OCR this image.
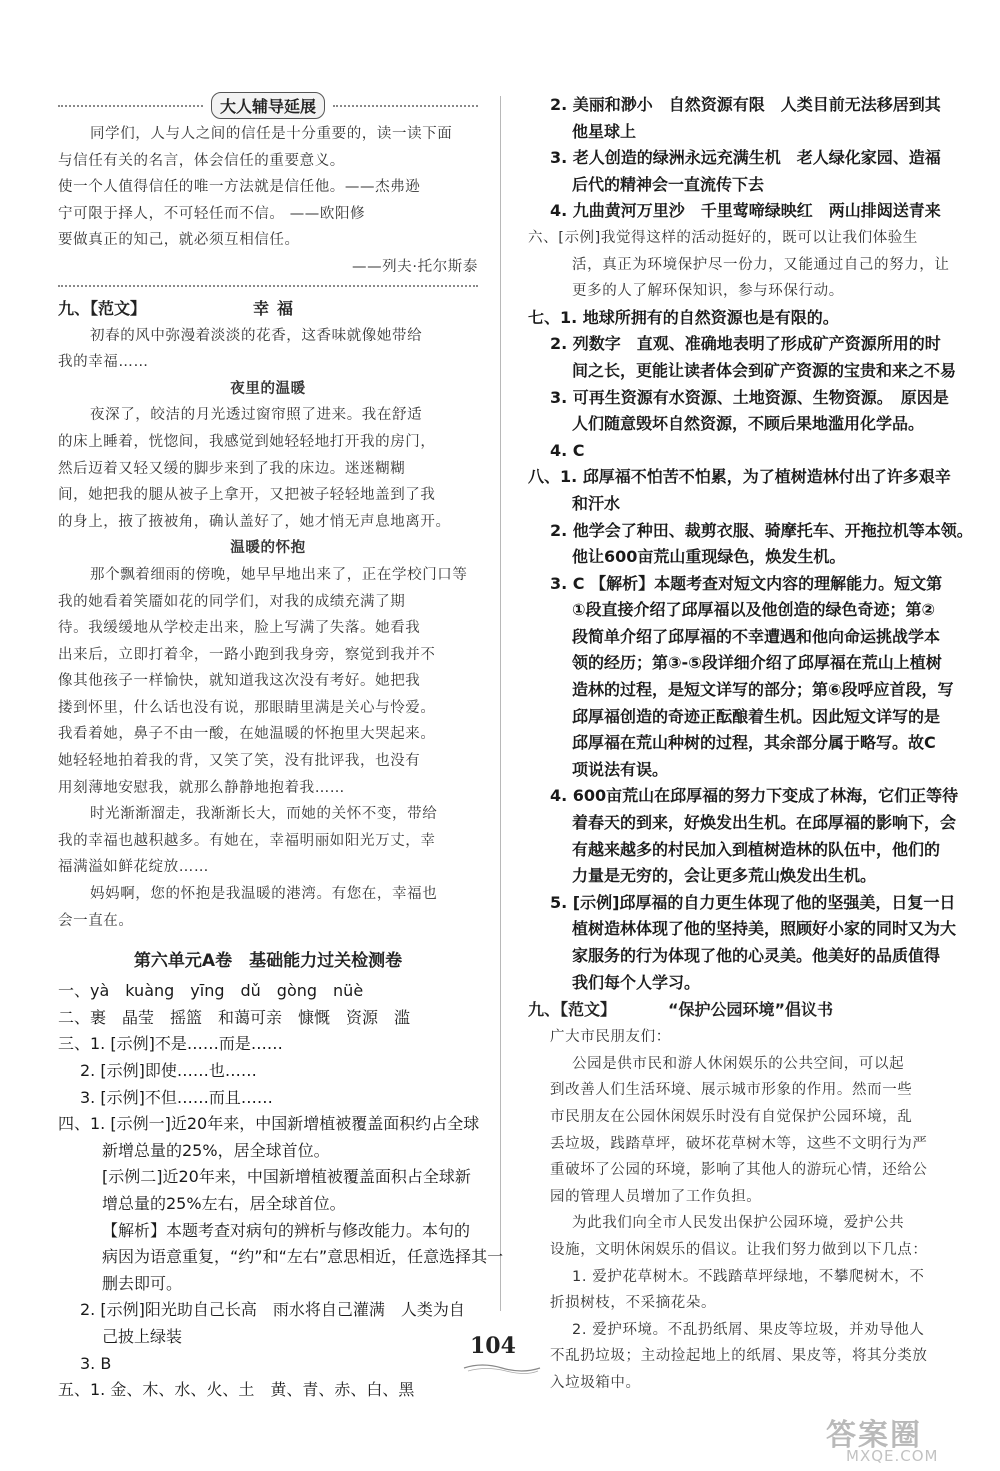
大人辅导延展
同学们，人与人之间的信任是十分重要的，读一读下面
与信任有关的名言，体会信任的重要意义。
使一个人值得信任的唯一方法就是信任他。——杰弗逊
宁可限于择人，不可轻任而不信。 ——欧阳修
要做真正的知己，就必须互相信任。
——列夫·托尔斯泰
九、【范文】	幸福
初春的风中弥漫着淡淡的花香，这香味就像她带给
我的幸福……
夜里的温暖
夜深了，皎洁的月光透过窗帘照了进来。我在舒适
的床上睡着，恍惚间，我感觉到她轻轻地打开我的房门，
然后迈着又轻又缓的脚步来到了我的床边。迷迷糊糊
间，她把我的腿从被子上拿开，又把被子轻轻地盖到了我
的身上，掖了掖被角，确认盖好了，她才悄无声息地离开。
温暖的怀抱
那个飘着细雨的傍晚，她早早地出来了，正在学校门口等
我的她看着笑靥如花的同学们，对我的成绩充满了期
待。我缓缓地从学校走出来，脸上写满了失落。她看我
出来后，立即打着伞，一路小跑到我身旁，察觉到我并不
像其他孩子一样愉快，就知道我这次没有考好。她把我
搂到怀里，什么话也没有说，那眼睛里满是关心与怜爱。
我看着她，鼻子不由一酸，在她温暖的怀抱里大哭起来。
她轻轻地拍着我的背，又笑了笑，没有批评我，也没有
用刻薄地安慰我，就那么静静地抱着我……
时光渐渐溜走，我渐渐长大，而她的关怀不变，带给
我的幸福也越积越多。有她在，幸福明丽如阳光万丈，幸
福满溢如鲜花绽放……
妈妈啊，您的怀抱是我温暖的港湾。有您在，幸福也
会一直在。
第六单元A卷　基础能力过关检测卷
一、yà　kuàng　yīng　dǔ　gòng　nüè
二、裹　晶莹　摇篮　和蔼可亲　慷慨　资源　滥
三、1. [示例]不是……而是……
2. [示例]即使……也……
3. [示例]不但……而且……
四、1. [示例一]近20年来，中国新增植被覆盖面积约占全球
新增总量的25%，居全球首位。
[示例二]近20年来，中国新增植被覆盖面积占全球新
增总量的25%左右，居全球首位。
【解析】本题考查对病句的辨析与修改能力。本句的
病因为语意重复，“约”和“左右”意思相近，任意选择其一
删去即可。
2. [示例]阳光助自己长高　雨水将自己灌满　人类为自
己披上绿装
3. B
五、1. 金、木、水、火、土　黄、青、赤、白、黑
2. 美丽和渺小　自然资源有限　人类目前无法移居到其
他星球上
3. 老人创造的绿洲永远充满生机　老人绿化家园、造福
后代的精神会一直流传下去
4. 九曲黄河万里沙　千里莺啼绿映红　两山排闼送青来
六、[示例]我觉得这样的活动挺好的，既可以让我们体验生
活，真正为环境保护尽一份力，又能通过自己的努力，让
更多的人了解环保知识，参与环保行动。
七、1. 地球所拥有的自然资源也是有限的。
2. 列数字　直观、准确地表明了形成矿产资源所用的时
间之长，更能让读者体会到矿产资源的宝贵和来之不易
3. 可再生资源有水资源、土地资源、生物资源。　原因是
人们随意毁坏自然资源，不顾后果地滥用化学品。
4. C
八、1. 邱厚福不怕苦不怕累，为了植树造林付出了许多艰辛
和汗水
2. 他学会了种田、裁剪衣服、骑摩托车、开拖拉机等本领。
他让600亩荒山重现绿色，焕发生机。
3. C 【解析】本题考查对短文内容的理解能力。短文第
①段直接介绍了邱厚福以及他创造的绿色奇迹；第②
段简单介绍了邱厚福的不幸遭遇和他向命运挑战学本
领的经历；第③-⑤段详细介绍了邱厚福在荒山上植树
造林的过程，是短文详写的部分；第⑥段呼应首段，写
邱厚福创造的奇迹正酝酿着生机。因此短文详写的是
邱厚福在荒山种树的过程，其余部分属于略写。故C
项说法有误。
4. 600亩荒山在邱厚福的努力下变成了林海，它们正等待
着春天的到来，好焕发出生机。在邱厚福的影响下，会
有越来越多的村民加入到植树造林的队伍中，他们的
力量是无穷的，会让更多荒山焕发出生机。
5. [示例]邱厚福的自力更生体现了他的坚强美，日复一日
植树造林体现了他的坚持美，照顾好小家的同时又为大
家服务的行为体现了他的心灵美。他美好的品质值得
我们每个人学习。
九、【范文】	“保护公园环境”倡议书
广大市民朋友们：
公园是供市民和游人休闲娱乐的公共空间，可以起
到改善人们生活环境、展示城市形象的作用。然而一些
市民朋友在公园休闲娱乐时没有自觉保护公园环境，乱
丢垃圾，践踏草坪，破坏花草树木等，这些不文明行为严
重破坏了公园的环境，影响了其他人的游玩心情，还给公
园的管理人员增加了工作负担。
为此我们向全市人民发出保护公园环境，爱护公共
设施，文明休闲娱乐的倡议。让我们努力做到以下几点：
1. 爱护花草树木。不践踏草坪绿地，不攀爬树木，不
折损树枝，不采摘花朵。
2. 爱护环境。不乱扔纸屑、果皮等垃圾，并劝导他人
不乱扔垃圾；主动捡起地上的纸屑、果皮等，将其分类放
入垃圾箱中。
104
答案圈
MXQE.COM
